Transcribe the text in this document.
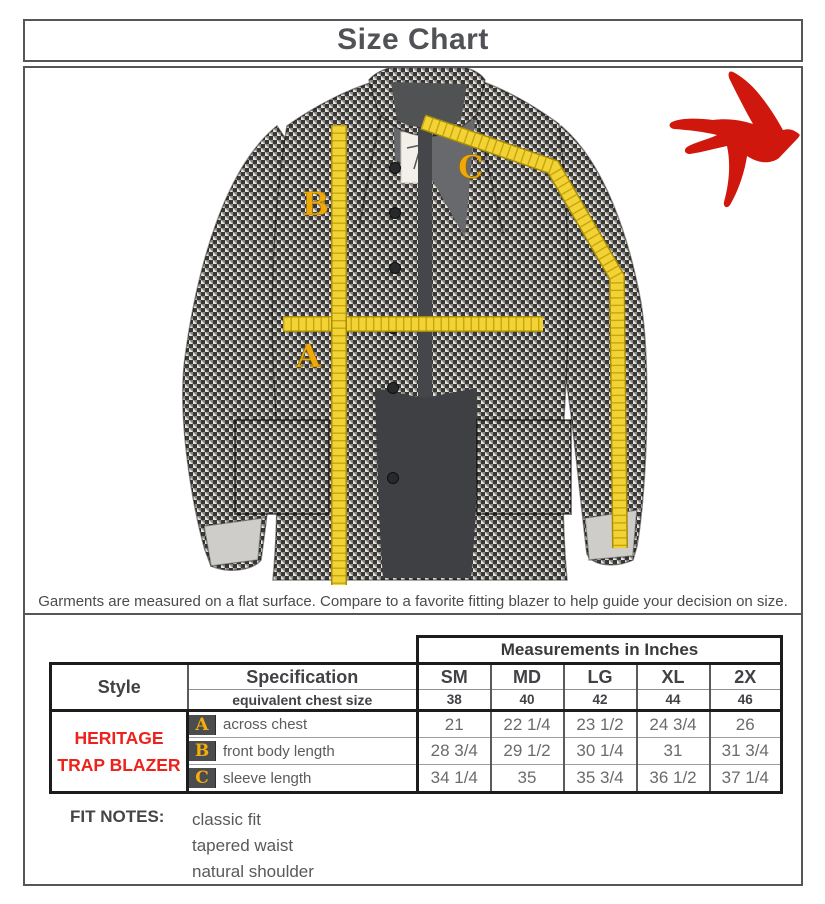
Size Chart
A
B
C
Garments are measured on a flat surface. Compare to a favorite fitting blazer to help guide your decision on size.
		Measurements in Inches				
Style	Specification	SM	MD	LG	XL	2X
	equivalent chest size	38	40	42	44	46

HERITAGE
TRAP BLAZER

A across chest	21	22 1/4	23 1/2	24 3/4	26

B front body length	28 3/4	29 1/2	30 1/4	31	31 3/4

C sleeve length	34 1/4	35	35 3/4	36 1/2	37 1/4
FIT NOTES:	classic fit
tapered waist
natural shoulder
